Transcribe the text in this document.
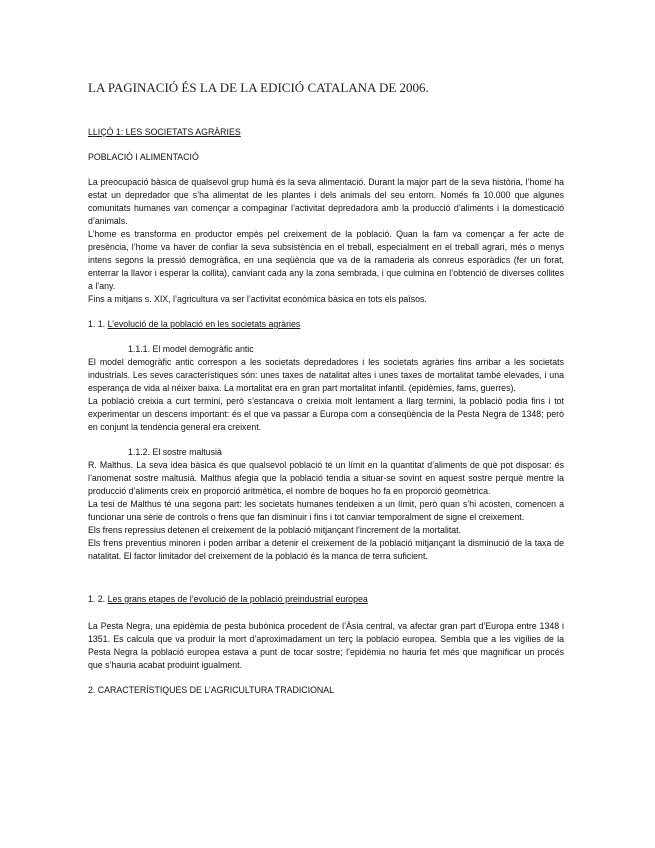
LA PAGINACIÓ ÉS LA DE LA EDICIÓ CATALANA DE 2006.
LLIÇÓ 1: LES SOCIETATS AGRÀRIES
POBLACIÓ I ALIMENTACIÓ

La preocupació bàsica de qualsevol grup humà és la seva alimentació. Durant la major part de la seva història, l’home ha estat un depredador que s’ha alimentat de les plantes i dels animals del seu entorn. Només fa 10.000 que algunes comunitats humanes van començar a compaginar l’activitat depredadora amb la producció d’aliments i la domesticació d’animals.

L’home es transforma en productor empès pel creixement de la població. Quan la fam va començar a fer acte de presència, l’home va haver de confiar la seva subsistència en el treball, especialment en el treball agrari, més o menys intens segons la pressió demogràfica, en una seqüència que va de la ramaderia als conreus esporàdics (fer un forat, enterrar la llavor i esperar la collita), canviant cada any la zona sembrada, i que culmina en l’obtenció de diverses collites a l’any.

Fins a mitjans s. XIX, l’agricultura va ser l’activitat econòmica bàsica en tots els països.

1. 1. L’evolució de la població en les societats agràries
1.1.1. El model demogràfic antic

El model demogràfic antic correspon a les societats depredadores i les societats agràries fins arribar a les societats industrials. Les seves característiques són: unes taxes de natalitat altes i unes taxes de mortalitat també elevades, i una esperança de vida al néixer baixa. La mortalitat era en gran part mortalitat infantil. (epidèmies, fams, guerres).

La població creixia a curt termini, però s’estancava o creixia molt lentament a llarg termini, la població podia fins i tot experimentar un descens important: és el que va passar a Europa com a conseqüència de la Pesta Negra de 1348; però en conjunt la tendència general era creixent.

1.1.2. El sostre maltusià

R. Malthus. La seva idea bàsica és que qualsevol població té un límit en la quantitat d’aliments de què pot disposar: és l’anomenat sostre maltusià. Malthus afegia que la població tendia a situar-se sovint en aquest sostre perquè mentre la producció d’aliments creix en proporció aritmètica, el nombre de boques ho fa en proporció geomètrica.

La tesi de Malthus té una segona part: les societats humanes tendeixen a un límit, però quan s’hi acosten, comencen a funcionar una sèrie de controls o frens que fan disminuir i fins i tot canviar temporalment de signe el creixement.

Els frens repressius detenen el creixement de la població mitjançant l’increment de la mortalitat.

Els frens preventius minoren i poden arribar a detenir el creixement de la població mitjançant la disminució de la taxa de natalitat. El factor limitador del creixement de la població és la manca de terra suficient.

1. 2. Les grans etapes de l’evolució de la població preindustrial europea

La Pesta Negra, una epidèmia de pesta bubònica procedent de l’Àsia central, va afectar gran part d’Europa entre 1348 i 1351. Es calcula que va produir la mort d’aproximadament un terç la població europea. Sembla que a les vigílies de la Pesta Negra la població europea estava a punt de tocar sostre; l’epidèmia no hauria fet més que magnificar un procés que s’hauria acabat produint igualment.

2. CARACTERÍSTIQUES DE L’AGRICULTURA TRADICIONAL
